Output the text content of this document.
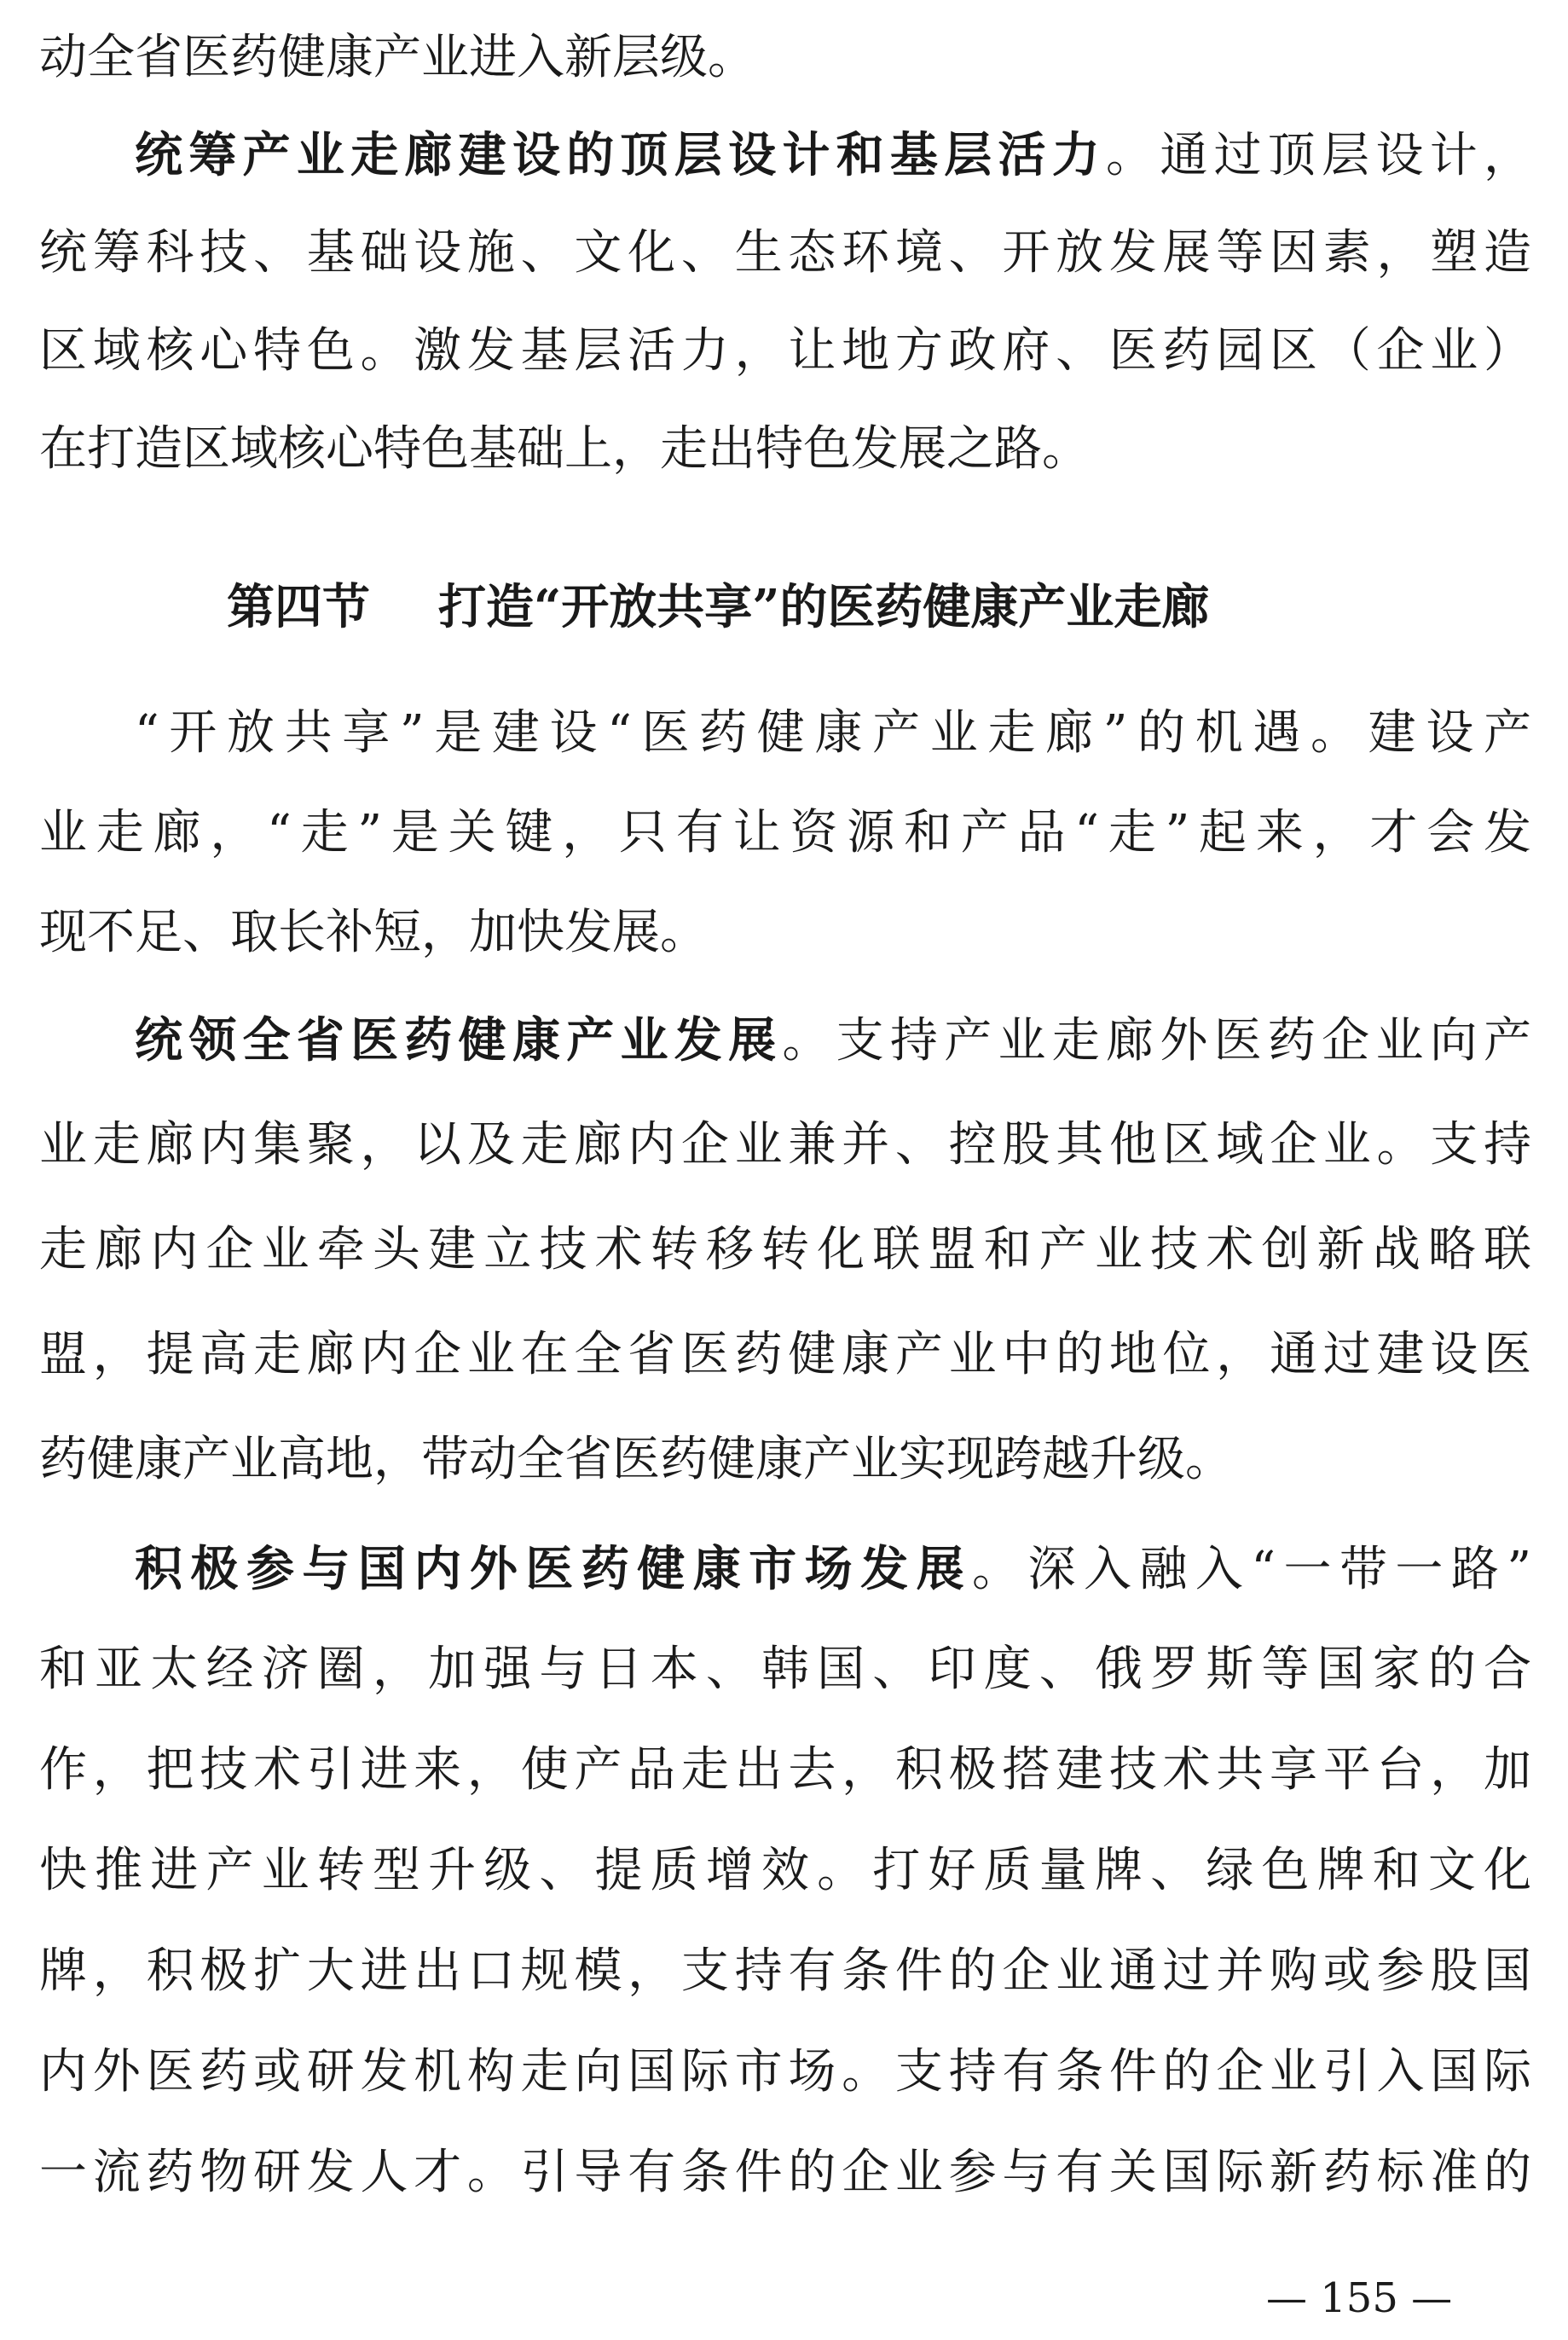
动全省医药健康产业进入新层级。
统筹产业走廊建设的顶层设计和基层活力。通过顶层设计，
统筹科技、基础设施、文化、生态环境、开放发展等因素，塑造
区域核心特色。激发基层活力，让地方政府、医药园区（企业）
在打造区域核心特色基础上，走出特色发展之路。
第四节 打造“开放共享”的医药健康产业走廊
“开放共享”是建设“医药健康产业走廊”的机遇。建设产
业走廊，“走”是关键，只有让资源和产品“走”起来，才会发
现不足、取长补短，加快发展。
统领全省医药健康产业发展。支持产业走廊外医药企业向产
业走廊内集聚，以及走廊内企业兼并、控股其他区域企业。支持
走廊内企业牵头建立技术转移转化联盟和产业技术创新战略联
盟，提高走廊内企业在全省医药健康产业中的地位，通过建设医
药健康产业高地，带动全省医药健康产业实现跨越升级。
积极参与国内外医药健康市场发展。深入融入“一带一路”
和亚太经济圈，加强与日本、韩国、印度、俄罗斯等国家的合
作，把技术引进来，使产品走出去，积极搭建技术共享平台，加
快推进产业转型升级、提质增效。打好质量牌、绿色牌和文化
牌，积极扩大进出口规模，支持有条件的企业通过并购或参股国
内外医药或研发机构走向国际市场。支持有条件的企业引入国际
一流药物研发人才。引导有条件的企业参与有关国际新药标准的
— 155 —
